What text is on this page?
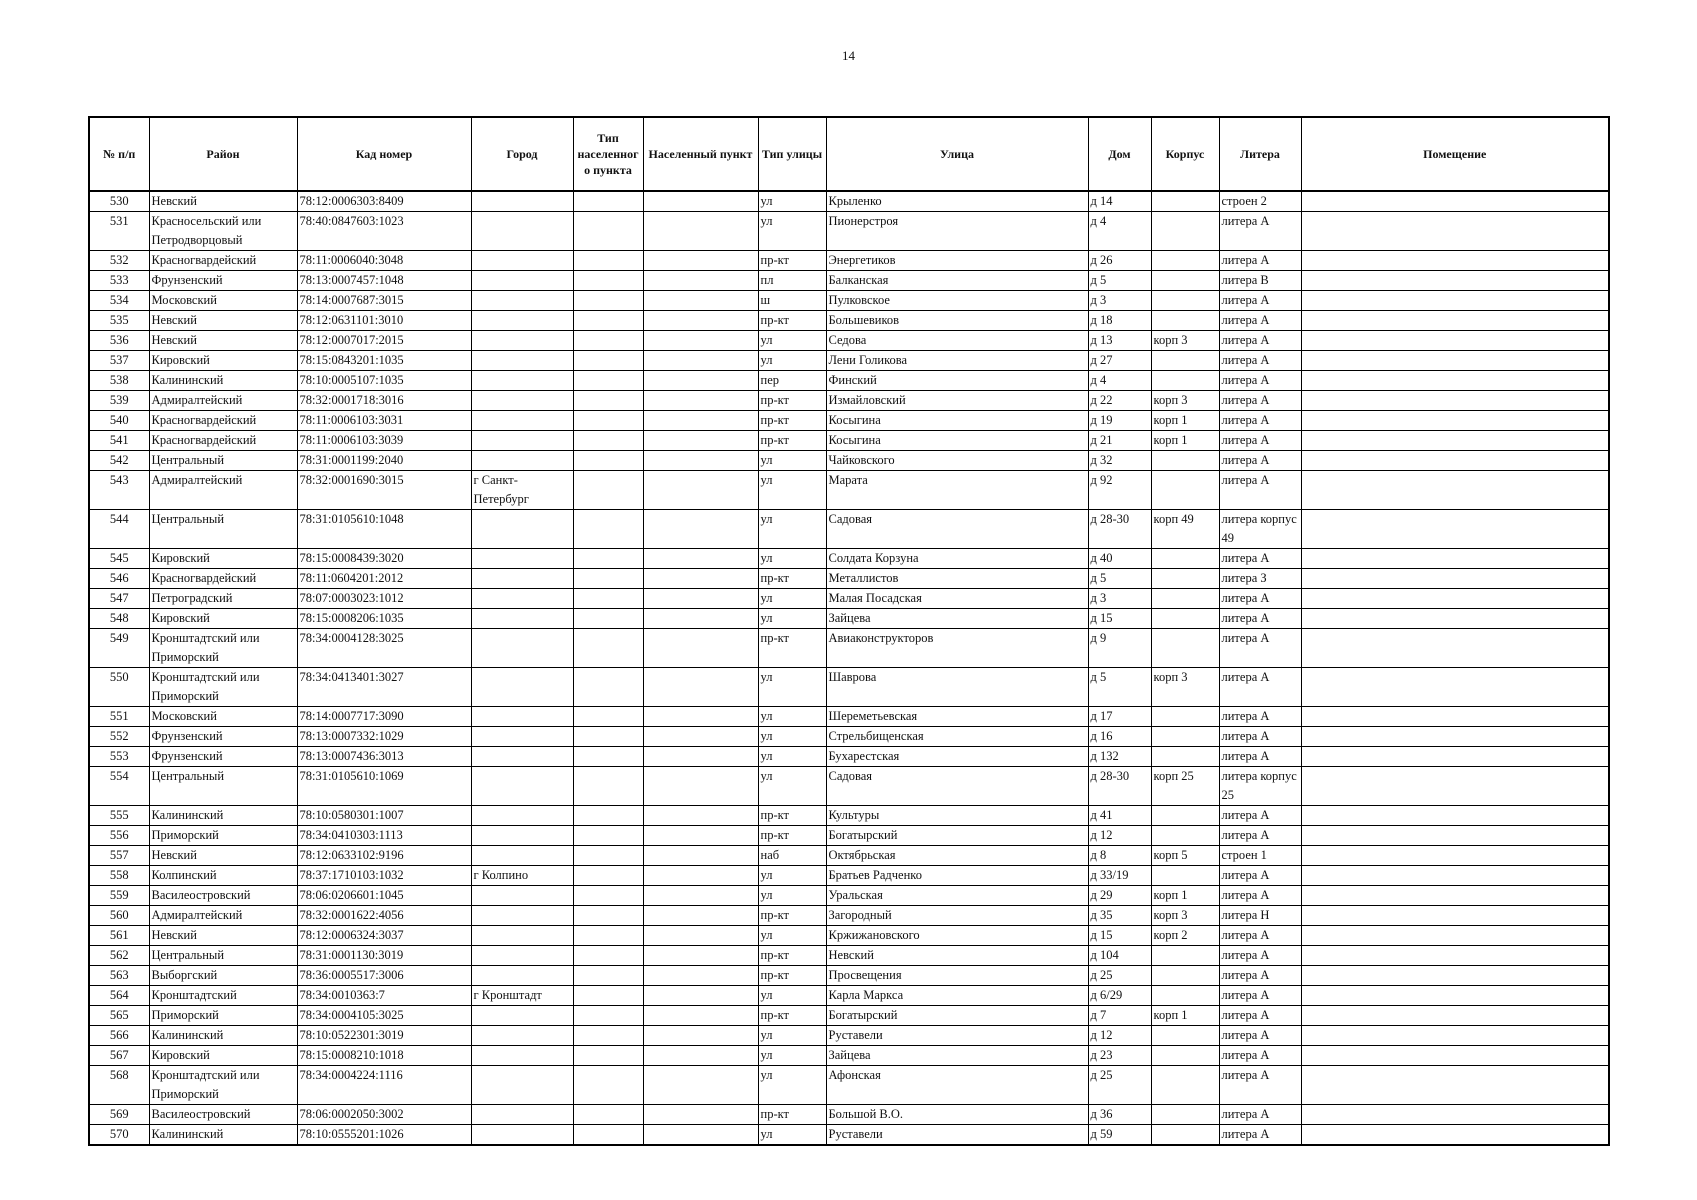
14
№ п/п	Район	Кад номер	Город	Тип населенного пункта	Населенный пункт	Тип улицы	Улица	Дом	Корпус	Литера	Помещение
530	Невский	78:12:0006303:8409				ул	Крыленко	д 14		строен 2	
531	Красносельский или Петродворцовый	78:40:0847603:1023				ул	Пионерстроя	д 4		литера А	
532	Красногвардейский	78:11:0006040:3048				пр-кт	Энергетиков	д 26		литера А	
533	Фрунзенский	78:13:0007457:1048				пл	Балканская	д 5		литера В	
534	Московский	78:14:0007687:3015				ш	Пулковское	д 3		литера А	
535	Невский	78:12:0631101:3010				пр-кт	Большевиков	д 18		литера А	
536	Невский	78:12:0007017:2015				ул	Седова	д 13	корп 3	литера А	
537	Кировский	78:15:0843201:1035				ул	Лени Голикова	д 27		литера А	
538	Калининский	78:10:0005107:1035				пер	Финский	д 4		литера А	
539	Адмиралтейский	78:32:0001718:3016				пр-кт	Измайловский	д 22	корп 3	литера А	
540	Красногвардейский	78:11:0006103:3031				пр-кт	Косыгина	д 19	корп 1	литера А	
541	Красногвардейский	78:11:0006103:3039				пр-кт	Косыгина	д 21	корп 1	литера А	
542	Центральный	78:31:0001199:2040				ул	Чайковского	д 32		литера А	
543	Адмиралтейский	78:32:0001690:3015	г Санкт-Петербург			ул	Марата	д 92		литера А	
544	Центральный	78:31:0105610:1048				ул	Садовая	д 28-30	корп 49	литера корпус 49	
545	Кировский	78:15:0008439:3020				ул	Солдата Корзуна	д 40		литера А	
546	Красногвардейский	78:11:0604201:2012				пр-кт	Металлистов	д 5		литера З	
547	Петроградский	78:07:0003023:1012				ул	Малая Посадская	д 3		литера А	
548	Кировский	78:15:0008206:1035				ул	Зайцева	д 15		литера А	
549	Кронштадтский или Приморский	78:34:0004128:3025				пр-кт	Авиаконструкторов	д 9		литера А	
550	Кронштадтский или Приморский	78:34:0413401:3027				ул	Шаврова	д 5	корп 3	литера А	
551	Московский	78:14:0007717:3090				ул	Шереметьевская	д 17		литера А	
552	Фрунзенский	78:13:0007332:1029				ул	Стрельбищенская	д 16		литера А	
553	Фрунзенский	78:13:0007436:3013				ул	Бухарестская	д 132		литера А	
554	Центральный	78:31:0105610:1069				ул	Садовая	д 28-30	корп 25	литера корпус 25	
555	Калининский	78:10:0580301:1007				пр-кт	Культуры	д 41		литера А	
556	Приморский	78:34:0410303:1113				пр-кт	Богатырский	д 12		литера А	
557	Невский	78:12:0633102:9196				наб	Октябрьская	д 8	корп 5	строен 1	
558	Колпинский	78:37:1710103:1032	г Колпино			ул	Братьев Радченко	д 33/19		литера А	
559	Василеостровский	78:06:0206601:1045				ул	Уральская	д 29	корп 1	литера А	
560	Адмиралтейский	78:32:0001622:4056				пр-кт	Загородный	д 35	корп 3	литера Н	
561	Невский	78:12:0006324:3037				ул	Кржижановского	д 15	корп 2	литера А	
562	Центральный	78:31:0001130:3019				пр-кт	Невский	д 104		литера А	
563	Выборгский	78:36:0005517:3006				пр-кт	Просвещения	д 25		литера А	
564	Кронштадтский	78:34:0010363:7	г Кронштадт			ул	Карла Маркса	д 6/29		литера А	
565	Приморский	78:34:0004105:3025				пр-кт	Богатырский	д 7	корп 1	литера А	
566	Калининский	78:10:0522301:3019				ул	Руставели	д 12		литера А	
567	Кировский	78:15:0008210:1018				ул	Зайцева	д 23		литера А	
568	Кронштадтский или Приморский	78:34:0004224:1116				ул	Афонская	д 25		литера А	
569	Василеостровский	78:06:0002050:3002				пр-кт	Большой В.О.	д 36		литера А	
570	Калининский	78:10:0555201:1026				ул	Руставели	д 59		литера А	
